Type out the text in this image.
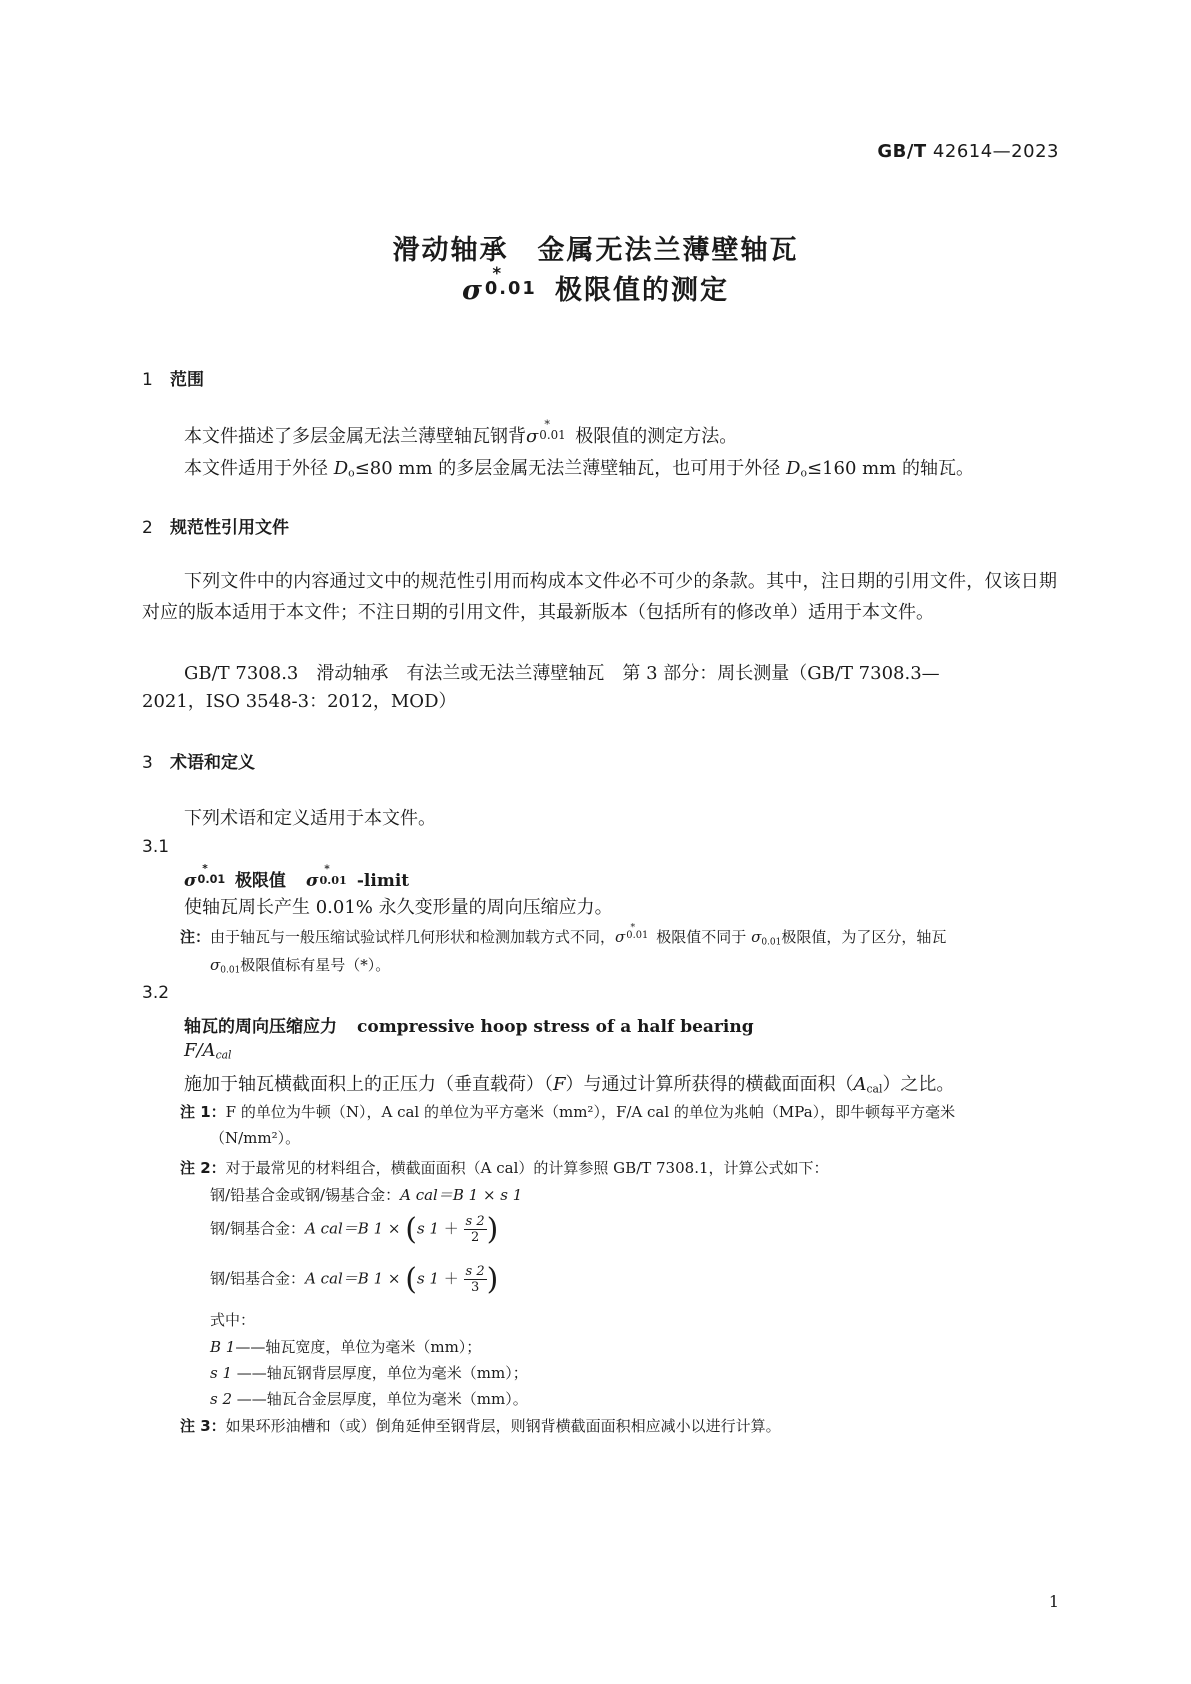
GB/T 42614—2023
滑动轴承　金属无法兰薄壁轴瓦
σ
*
0.01 极限值的测定
1 范围
本文件描述了多层金属无法兰薄壁轴瓦钢背σ
*
0.01 极限值的测定方法。
本文件适用于外径 $D_o\le 80$ mm 的多层金属无法兰薄壁轴瓦，也可用于外径 $D_o\le 160$ mm 的轴瓦。
2 规范性引用文件
下列文件中的内容通过文中的规范性引用而构成本文件必不可少的条款。其中，注日期的引用文件，仅该日期对应的版本适用于本文件；不注日期的引用文件，其最新版本（包括所有的修改单）适用于本文件。
GB/T 7308.3　滑动轴承　有法兰或无法兰薄壁轴瓦　第 3 部分：周长测量（GB/T 7308.3—
2021，ISO 3548-3：2012，MOD）
3 术语和定义
下列术语和定义适用于本文件。
3.1
σ
*
0.01 极限值 σ
*
0.01 -limit
使轴瓦周长产生 0.01% 永久变形量的周向压缩应力。
注：由于轴瓦与一般压缩试验试样几何形状和检测加载方式不同，σ
*
0.01 极限值不同于 $\sigma_{0.01}$极限值，为了区分，轴瓦
$\sigma_{0.01}$极限值标有星号（*）。
3.2
轴瓦的周向压缩应力 compressive hoop stress of a half bearing
$F/A_{cal}$
施加于轴瓦横截面积上的正压力（垂直载荷）（F）与通过计算所获得的横截面面积$(A_{cal})$之比。
注 1：F 的单位为牛顿（N），A cal 的单位为平方毫米（mm²），F/A cal 的单位为兆帕（MPa），即牛顿每平方毫米
（N/mm²）。
注 2：对于最常见的材料组合，横截面面积（A cal）的计算参照 GB/T 7308.1，计算公式如下：
钢/铅基合金或钢/锡基合金：A cal＝B 1 × s 1
钢/铜基合金：A cal＝B 1 × (s $1 + \frac{s 2}{2}$ )
钢/铝基合金：A cal＝B 1 × (s $1 + \frac{s 2}{3}$ )
式中：
B 1——轴瓦宽度，单位为毫米（mm）；
s 1 ——轴瓦钢背层厚度，单位为毫米（mm）；
s 2 ——轴瓦合金层厚度，单位为毫米（mm）。
注 3：如果环形油槽和（或）倒角延伸至钢背层，则钢背横截面面积相应减小以进行计算。
1
